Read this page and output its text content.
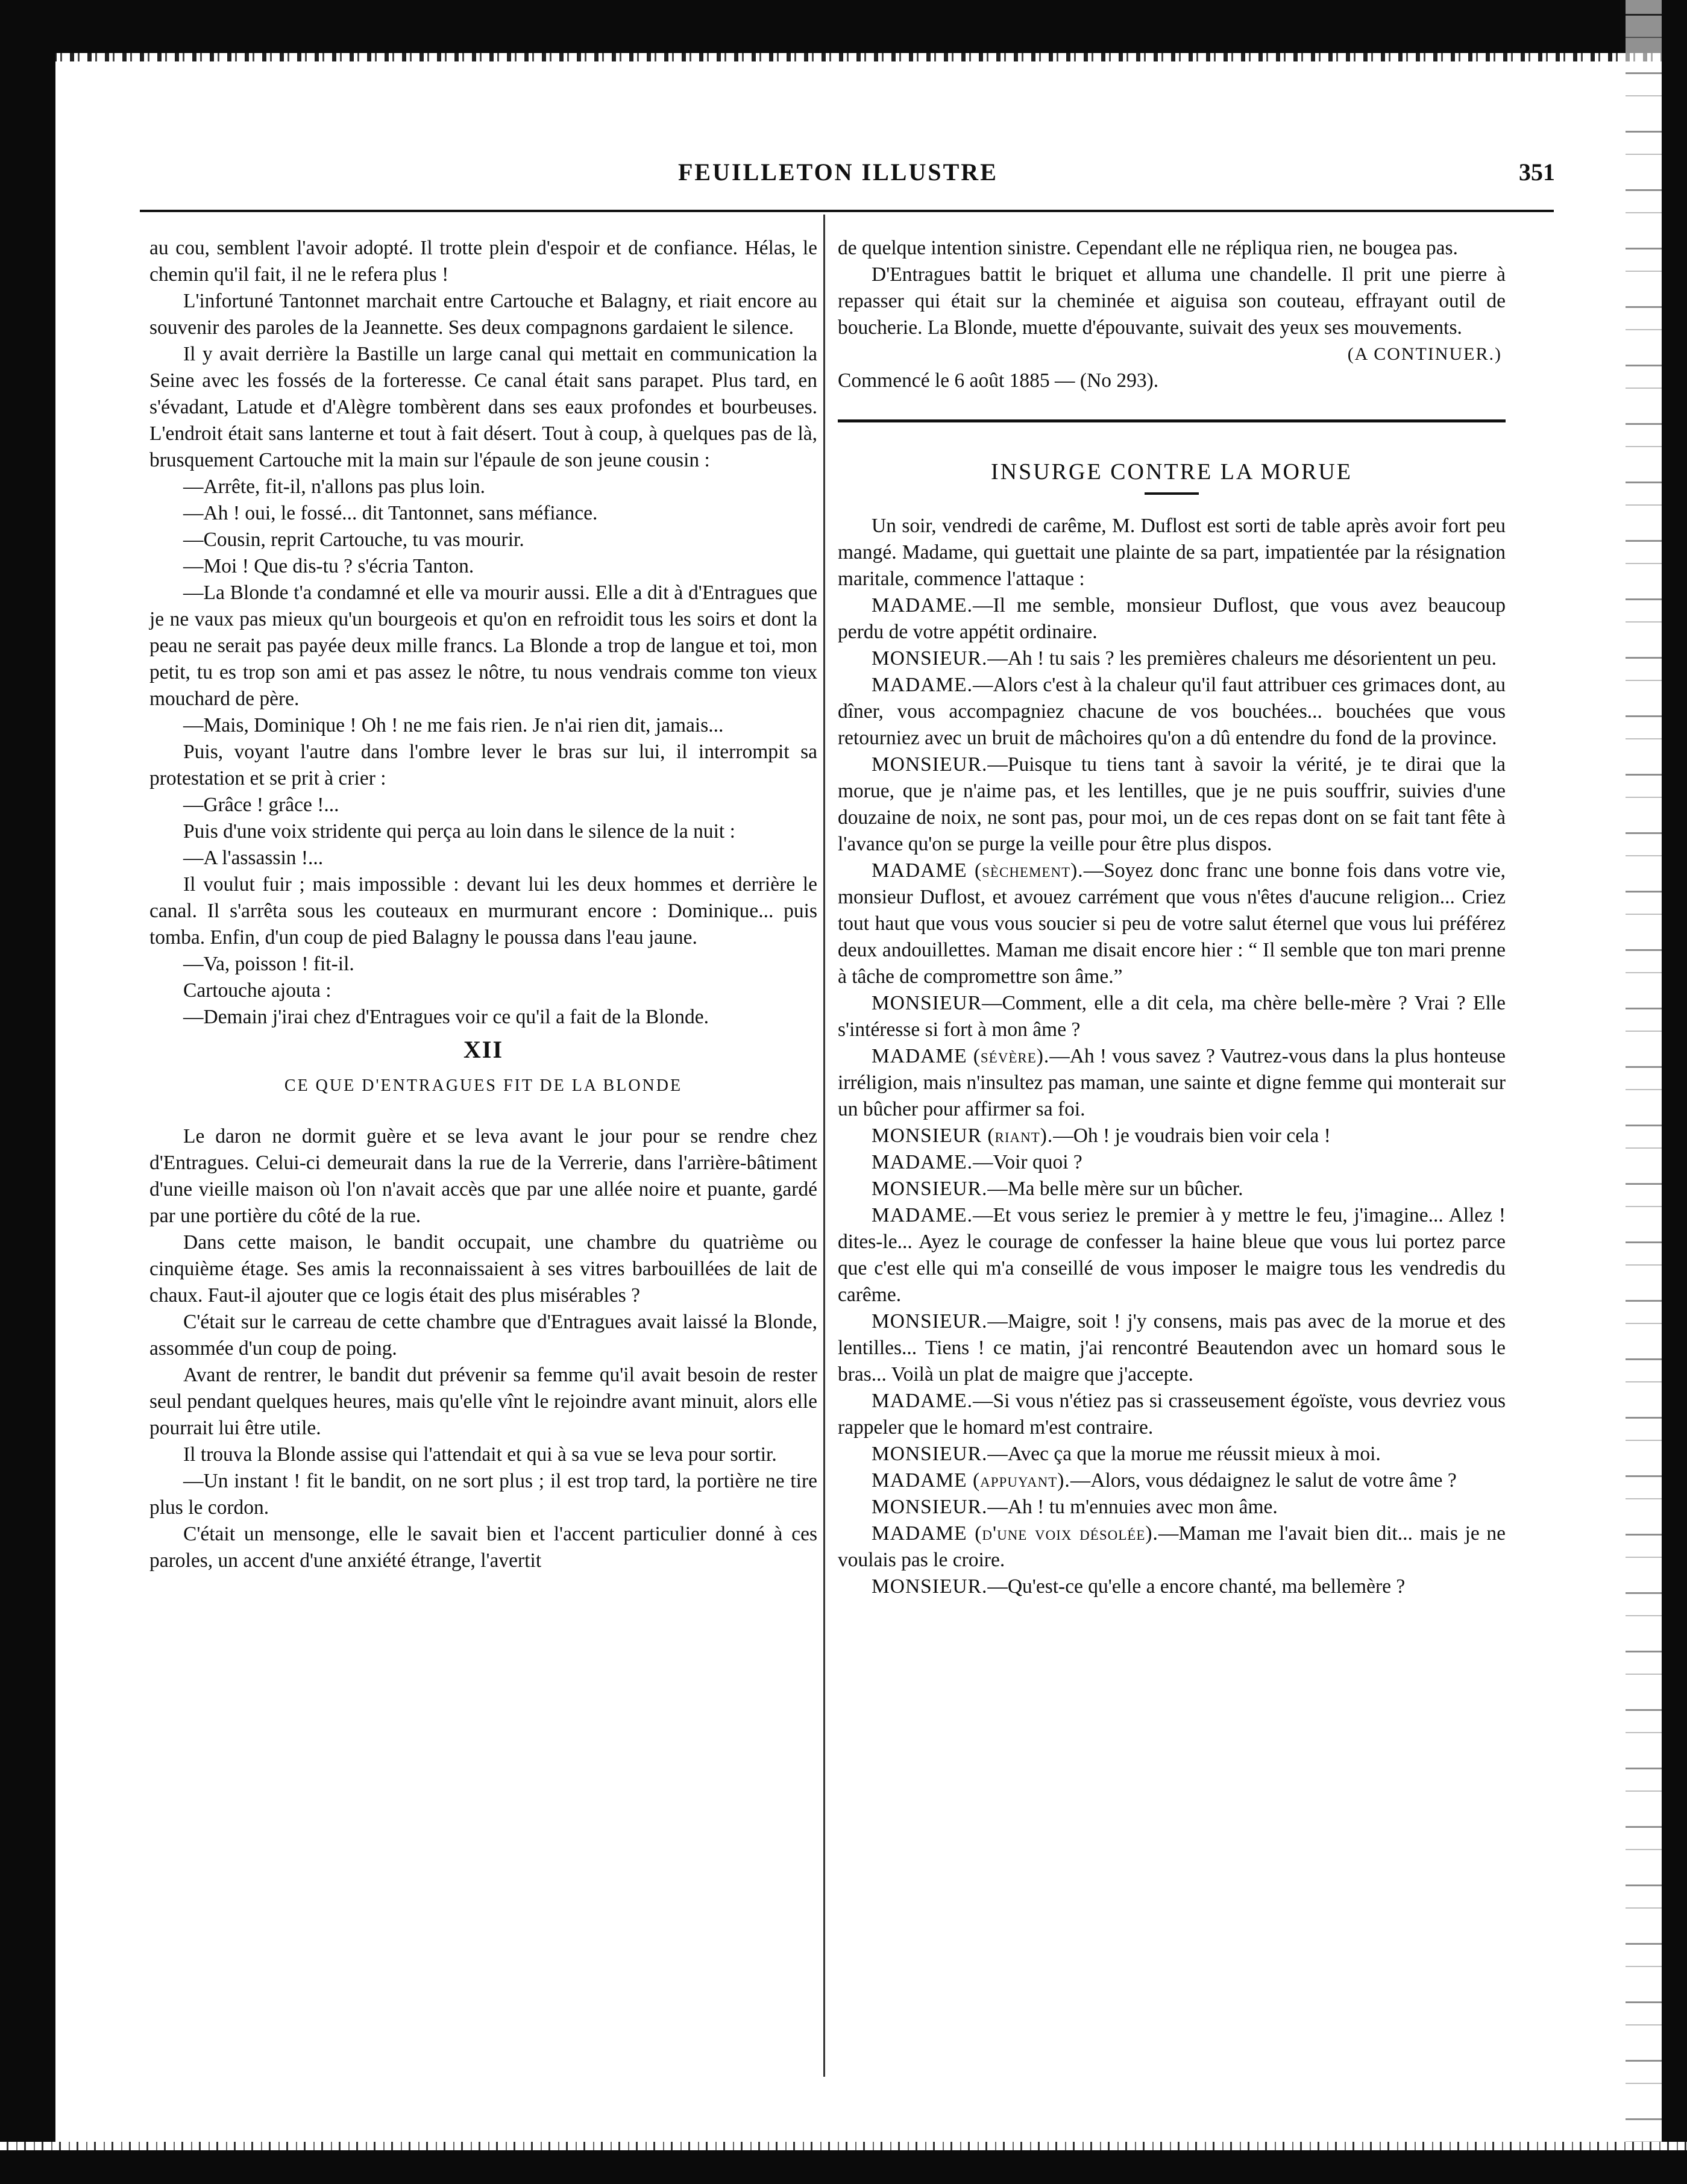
FEUILLETON ILLUSTRE	351

au cou, semblent l'avoir adopté. Il trotte plein d'espoir et de confiance. Hélas, le chemin qu'il fait, il ne le refera plus !

L'infortuné Tantonnet marchait entre Cartouche et Balagny, et riait encore au souvenir des paroles de la Jeannette. Ses deux compagnons gardaient le silence.

Il y avait derrière la Bastille un large canal qui mettait en communication la Seine avec les fossés de la forteresse. Ce canal était sans parapet. Plus tard, en s'évadant, Latude et d'Alègre tombèrent dans ses eaux profondes et bourbeuses. L'endroit était sans lanterne et tout à fait désert. Tout à coup, à quelques pas de là, brusquement Cartouche mit la main sur l'épaule de son jeune cousin :

—Arrête, fit-il, n'allons pas plus loin.

—Ah ! oui, le fossé... dit Tantonnet, sans méfiance.

—Cousin, reprit Cartouche, tu vas mourir.

—Moi ! Que dis-tu ? s'écria Tanton.

—La Blonde t'a condamné et elle va mourir aussi. Elle a dit à d'Entragues que je ne vaux pas mieux qu'un bourgeois et qu'on en refroidit tous les soirs et dont la peau ne serait pas payée deux mille francs. La Blonde a trop de langue et toi, mon petit, tu es trop son ami et pas assez le nôtre, tu nous vendrais comme ton vieux mouchard de père.

—Mais, Dominique ! Oh ! ne me fais rien. Je n'ai rien dit, jamais...

Puis, voyant l'autre dans l'ombre lever le bras sur lui, il interrompit sa protestation et se prit à crier :

—Grâce ! grâce !...

Puis d'une voix stridente qui perça au loin dans le silence de la nuit :

—A l'assassin !...

Il voulut fuir ; mais impossible : devant lui les deux hommes et derrière le canal. Il s'arrêta sous les couteaux en murmurant encore : Dominique... puis tomba. Enfin, d'un coup de pied Balagny le poussa dans l'eau jaune.

—Va, poisson ! fit-il.

Cartouche ajouta :

—Demain j'irai chez d'Entragues voir ce qu'il a fait de la Blonde.

XII
CE QUE D'ENTRAGUES FIT DE LA BLONDE

Le daron ne dormit guère et se leva avant le jour pour se rendre chez d'Entragues. Celui-ci demeurait dans la rue de la Verrerie, dans l'arrière-bâtiment d'une vieille maison où l'on n'avait accès que par une allée noire et puante, gardé par une portière du côté de la rue.

Dans cette maison, le bandit occupait, une chambre du quatrième ou cinquième étage. Ses amis la reconnaissaient à ses vitres barbouillées de lait de chaux. Faut-il ajouter que ce logis était des plus misérables ?

C'était sur le carreau de cette chambre que d'Entragues avait laissé la Blonde, assommée d'un coup de poing.

Avant de rentrer, le bandit dut prévenir sa femme qu'il avait besoin de rester seul pendant quelques heures, mais qu'elle vînt le rejoindre avant minuit, alors elle pourrait lui être utile.

Il trouva la Blonde assise qui l'attendait et qui à sa vue se leva pour sortir.

—Un instant ! fit le bandit, on ne sort plus ; il est trop tard, la portière ne tire plus le cordon.

C'était un mensonge, elle le savait bien et l'accent particulier donné à ces paroles, un accent d'une anxiété étrange, l'avertit

de quelque intention sinistre. Cependant elle ne répliqua rien, ne bougea pas.

D'Entragues battit le briquet et alluma une chandelle. Il prit une pierre à repasser qui était sur la cheminée et aiguisa son couteau, effrayant outil de boucherie. La Blonde, muette d'épouvante, suivait des yeux ses mouvements.

(A CONTINUER.)

Commencé le 6 août 1885 — (No 293).

INSURGE CONTRE LA MORUE

Un soir, vendredi de carême, M. Duflost est sorti de table après avoir fort peu mangé. Madame, qui guettait une plainte de sa part, impatientée par la résignation maritale, commence l'attaque :

MADAME.—Il me semble, monsieur Duflost, que vous avez beaucoup perdu de votre appétit ordinaire.

MONSIEUR.—Ah ! tu sais ? les premières chaleurs me désorientent un peu.

MADAME.—Alors c'est à la chaleur qu'il faut attribuer ces grimaces dont, au dîner, vous accompagniez chacune de vos bouchées... bouchées que vous retourniez avec un bruit de mâchoires qu'on a dû entendre du fond de la province.

MONSIEUR.—Puisque tu tiens tant à savoir la vérité, je te dirai que la morue, que je n'aime pas, et les lentilles, que je ne puis souffrir, suivies d'une douzaine de noix, ne sont pas, pour moi, un de ces repas dont on se fait tant fête à l'avance qu'on se purge la veille pour être plus dispos.

MADAME (sèchement).—Soyez donc franc une bonne fois dans votre vie, monsieur Duflost, et avouez carrément que vous n'êtes d'aucune religion... Criez tout haut que vous vous soucier si peu de votre salut éternel que vous lui préférez deux andouillettes. Maman me disait encore hier : “ Il semble que ton mari prenne à tâche de compromettre son âme.”

MONSIEUR—Comment, elle a dit cela, ma chère belle-mère ? Vrai ? Elle s'intéresse si fort à mon âme ?

MADAME (sévère).—Ah ! vous savez ? Vautrez-vous dans la plus honteuse irréligion, mais n'insultez pas maman, une sainte et digne femme qui monterait sur un bûcher pour affirmer sa foi.

MONSIEUR (riant).—Oh ! je voudrais bien voir cela !

MADAME.—Voir quoi ?

MONSIEUR.—Ma belle mère sur un bûcher.

MADAME.—Et vous seriez le premier à y mettre le feu, j'imagine... Allez ! dites-le... Ayez le courage de confesser la haine bleue que vous lui portez parce que c'est elle qui m'a conseillé de vous imposer le maigre tous les vendredis du carême.

MONSIEUR.—Maigre, soit ! j'y consens, mais pas avec de la morue et des lentilles... Tiens ! ce matin, j'ai rencontré Beautendon avec un homard sous le bras... Voilà un plat de maigre que j'accepte.

MADAME.—Si vous n'étiez pas si crasseusement égoïste, vous devriez vous rappeler que le homard m'est contraire.

MONSIEUR.—Avec ça que la morue me réussit mieux à moi.

MADAME (appuyant).—Alors, vous dédaignez le salut de votre âme ?

MONSIEUR.—Ah ! tu m'ennuies avec mon âme.

MADAME (d'une voix désolée).—Maman me l'avait bien dit... mais je ne voulais pas le croire.

MONSIEUR.—Qu'est-ce qu'elle a encore chanté, ma bellemère ?
